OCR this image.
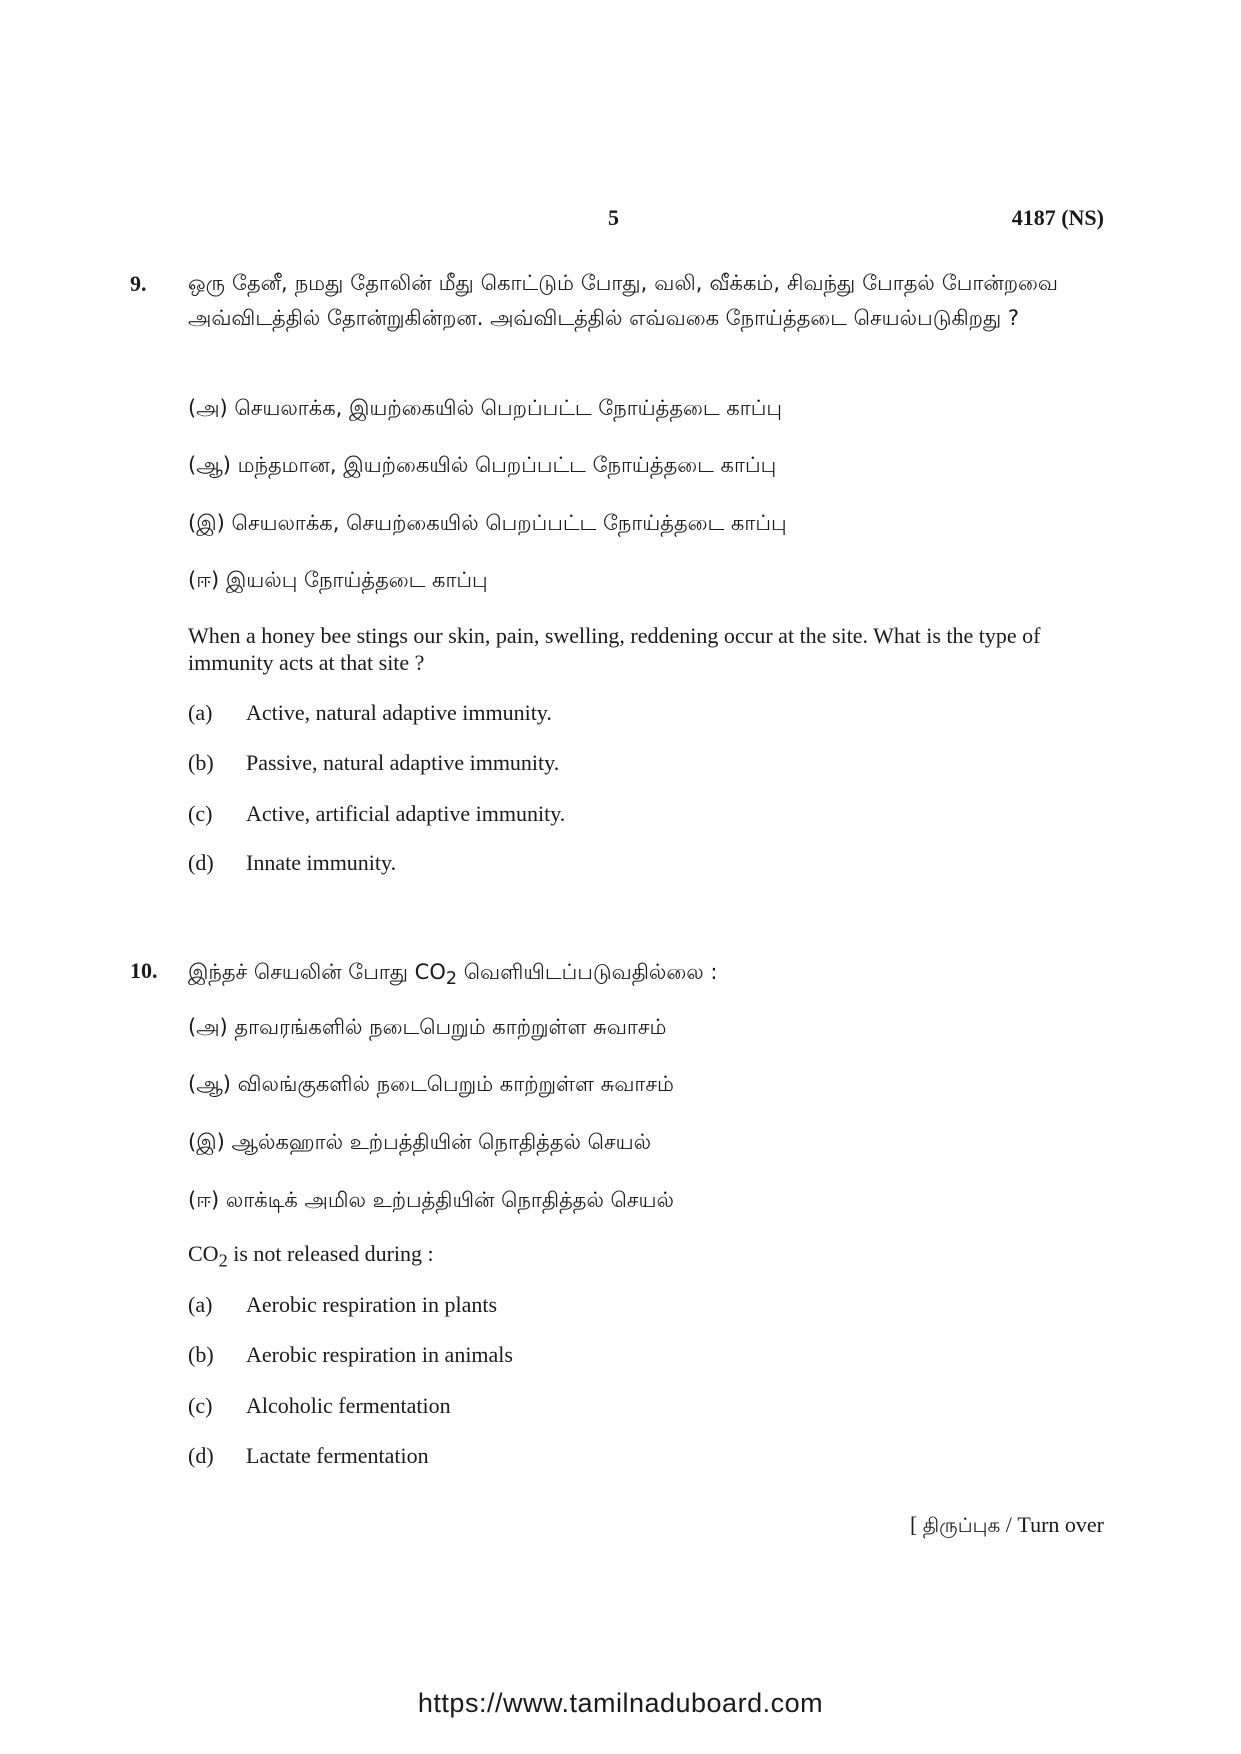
5	4187 (NS)
9. ஒரு தேனீ, நமது தோலின் மீது கொட்டும் போது, வலி, வீக்கம், சிவந்து போதல் போன்றவை அவ்விடத்தில் தோன்றுகின்றன. அவ்விடத்தில் எவ்வகை நோய்த்தடை செயல்படுகிறது ?
(அ) செயலாக்க, இயற்கையில் பெறப்பட்ட நோய்த்தடை காப்பு
(ஆ) மந்தமான, இயற்கையில் பெறப்பட்ட நோய்த்தடை காப்பு
(இ) செயலாக்க, செயற்கையில் பெறப்பட்ட நோய்த்தடை காப்பு
(ஈ) இயல்பு நோய்த்தடை காப்பு
When a honey bee stings our skin, pain, swelling, reddening occur at the site. What is the type of immunity acts at that site ?
(a) Active, natural adaptive immunity.
(b) Passive, natural adaptive immunity.
(c) Active, artificial adaptive immunity.
(d) Innate immunity.
10. இந்தச் செயலின் போது $CO_2$ வெளியிடப்படுவதில்லை :
(அ) தாவரங்களில் நடைபெறும் காற்றுள்ள சுவாசம்
(ஆ) விலங்குகளில் நடைபெறும் காற்றுள்ள சுவாசம்
(இ) ஆல்கஹால் உற்பத்தியின் நொதித்தல் செயல்
(ஈ) லாக்டிக் அமில உற்பத்தியின் நொதித்தல் செயல்
$CO_2$ is not released during :
(a) Aerobic respiration in plants
(b) Aerobic respiration in animals
(c) Alcoholic fermentation
(d) Lactate fermentation
[ திருப்புக / Turn over
https://www.tamilnaduboard.com
